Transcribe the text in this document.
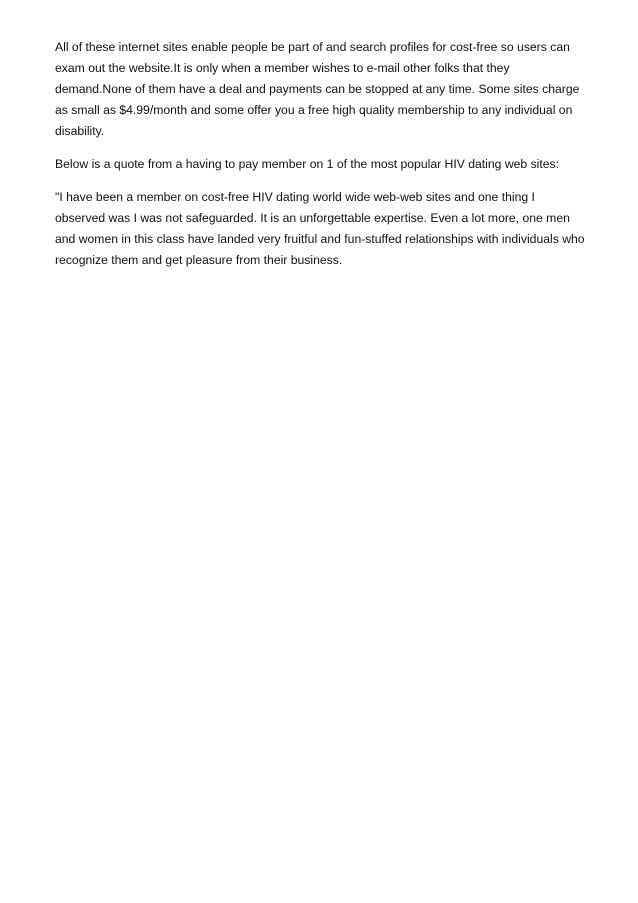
All of these internet sites enable people be part of and search profiles for cost-free so users can exam out the website.It is only when a member wishes to e-mail other folks that they demand.None of them have a deal and payments can be stopped at any time. Some sites charge as small as $4.99/month and some offer you a free high quality membership to any individual on disability.

Below is a quote from a having to pay member on 1 of the most popular HIV dating web sites:

"I have been a member on cost-free HIV dating world wide web-web sites and one thing I observed was I was not safeguarded. It is an unforgettable expertise. Even a lot more, one men and women in this class have landed very fruitful and fun-stuffed relationships with individuals who recognize them and get pleasure from their business.
